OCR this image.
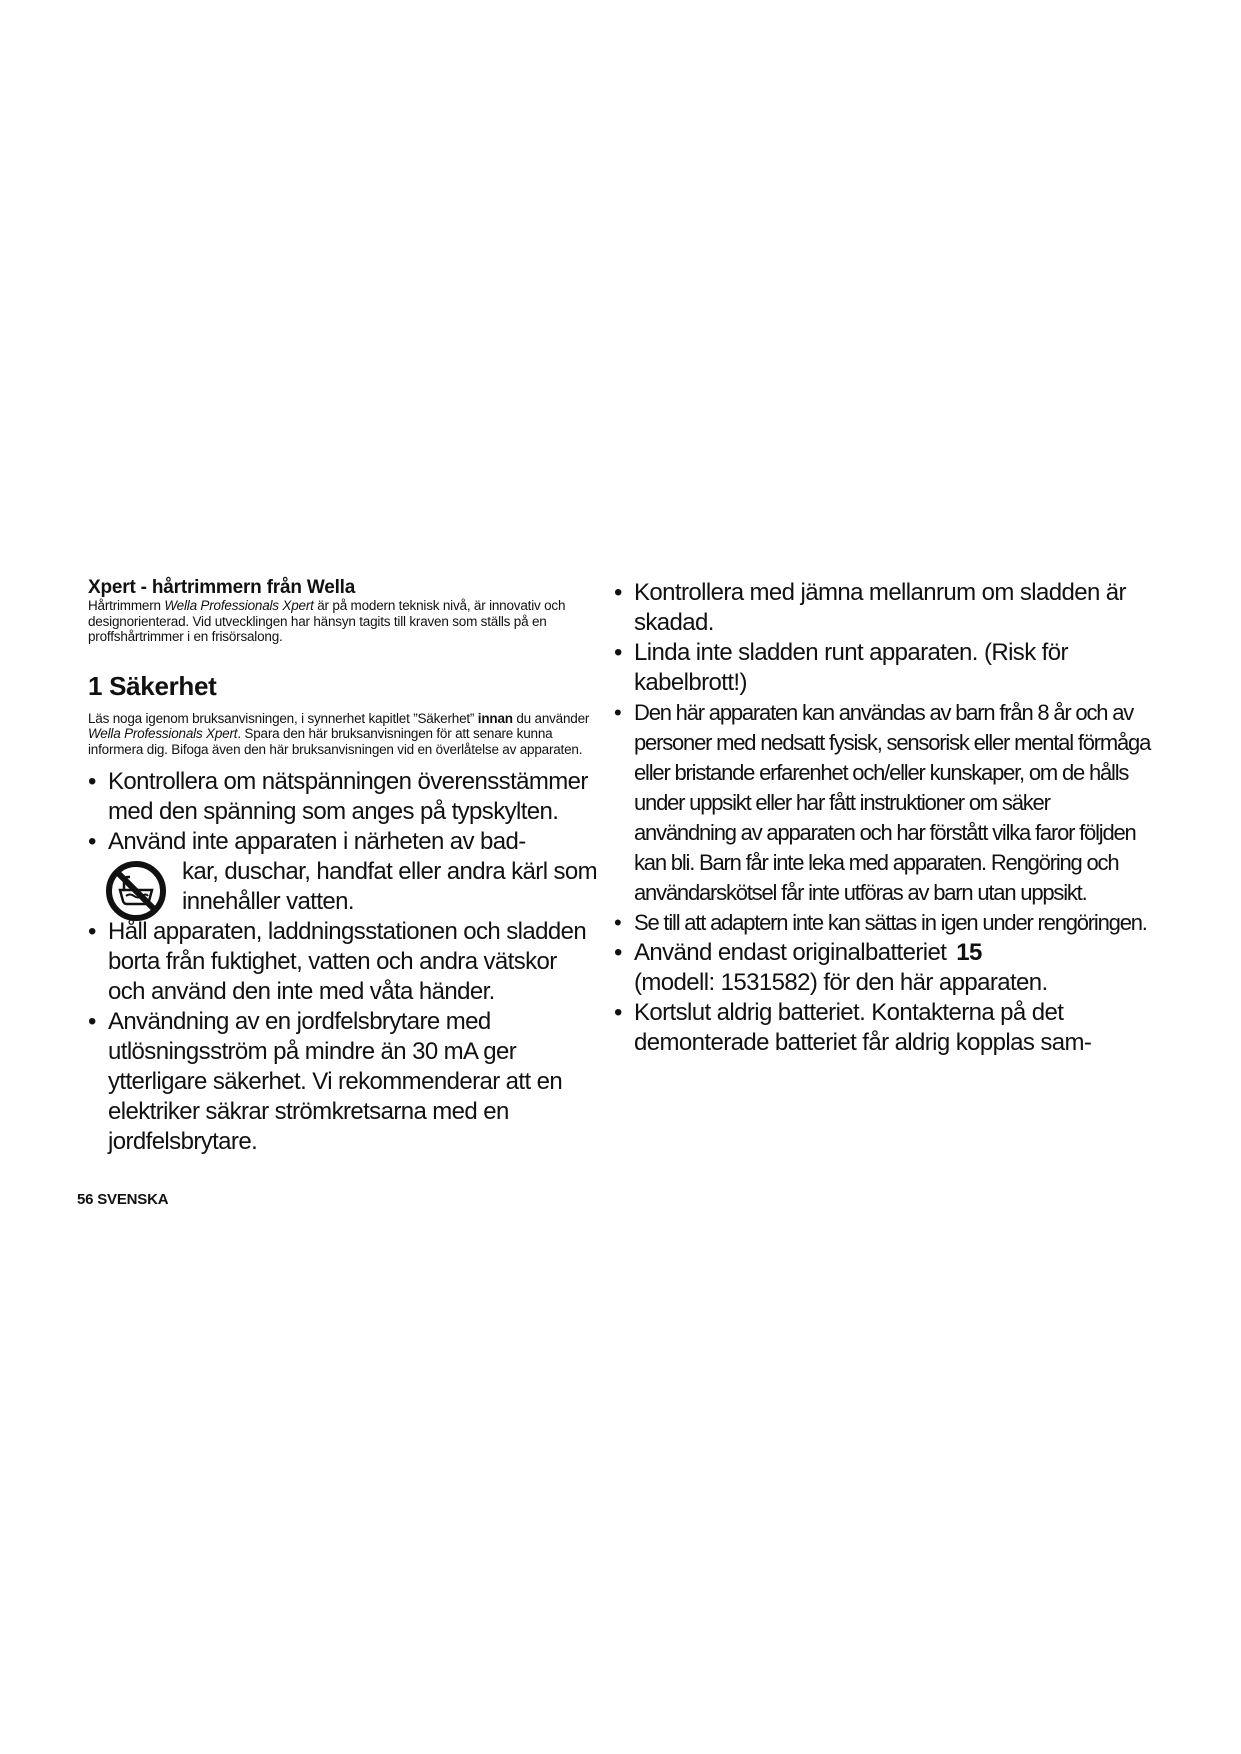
Xpert - hårtrimmern från Wella

Hårtrimmern Wella Professionals Xpert är på modern teknisk nivå, är innovativ och designorienterad. Vid utvecklingen har hänsyn tagits till kraven som ställs på en proffshårtrimmer i en frisörsalong.

1 Säkerhet

Läs noga igenom bruksanvisningen, i synnerhet kapitlet ”Säkerhet” innan du använder Wella Professionals Xpert. Spara den här bruksanvisningen för att senare kunna informera dig. Bifoga även den här bruksanvisningen vid en överlåtelse av apparaten.

• Kontrollera om nätspänningen överensstämmer med den spänning som anges på typskylten.
• Använd inte apparaten i närheten av bad-
kar, duschar, handfat eller andra kärl som innehåller vatten.
• Håll apparaten, laddningsstationen och sladden borta från fuktighet, vatten och andra vätskor och använd den inte med våta händer.
• Användning av en jordfelsbrytare med utlösningsström på mindre än 30 mA ger ytterligare säkerhet. Vi rekommenderar att en elektriker säkrar strömkretsarna med en jordfelsbrytare.
• Kontrollera med jämna mellanrum om sladden är skadad.
• Linda inte sladden runt apparaten. (Risk för kabelbrott!)
• Den här apparaten kan användas av barn från 8 år och av personer med nedsatt fysisk, sensorisk eller mental förmåga eller bristande erfarenhet och/eller kunskaper, om de hålls under uppsikt eller har fått instruktioner om säker användning av apparaten och har förstått vilka faror följden kan bli. Barn får inte leka med apparaten. Rengöring och användarskötsel får inte utföras av barn utan uppsikt.
• Se till att adaptern inte kan sättas in igen under rengöringen.
• Använd endast originalbatteriet 15
(modell: 1531582) för den här apparaten.
• Kortslut aldrig batteriet. Kontakterna på det demonterade batteriet får aldrig kopplas sam-
56 SVENSKA
